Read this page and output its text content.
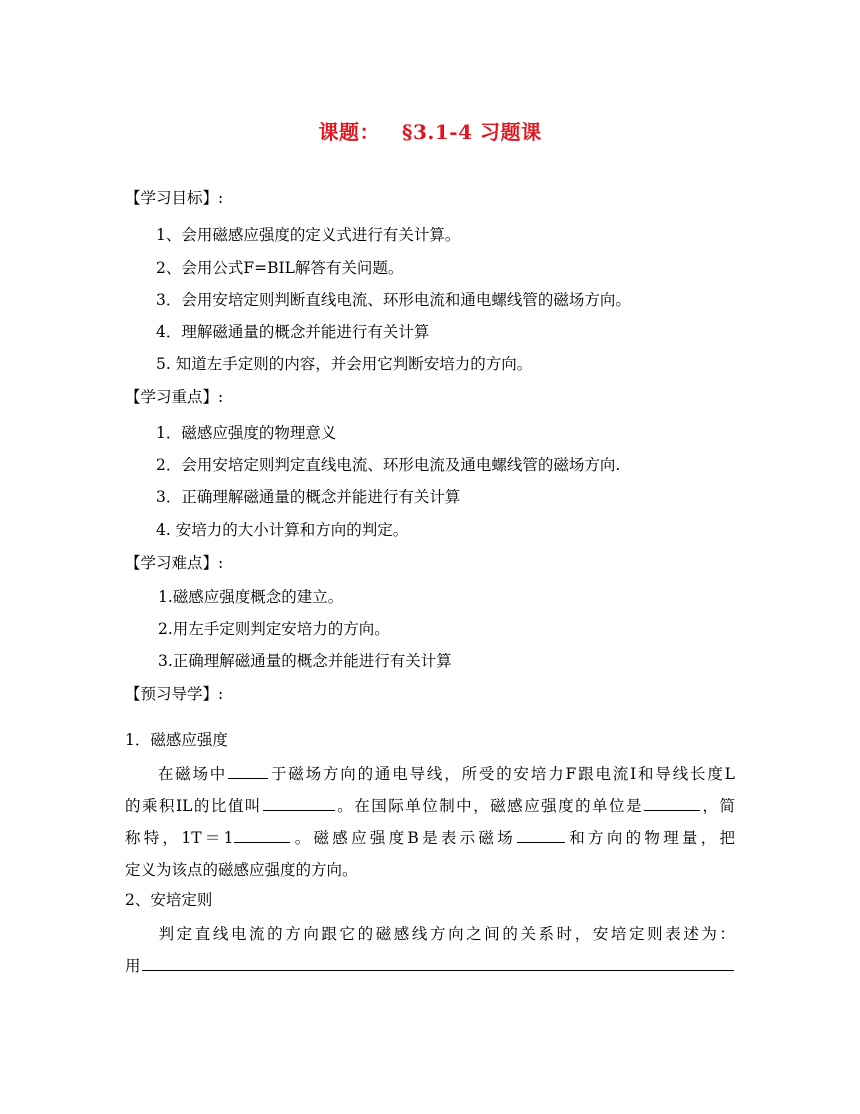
课题： §3.1-4 习题课
【学习目标】:
1、会用磁感应强度的定义式进行有关计算。
2、会用公式F=BIL解答有关问题。
3．会用安培定则判断直线电流、环形电流和通电螺线管的磁场方向。
4．理解磁通量的概念并能进行有关计算
5. 知道左手定则的内容，并会用它判断安培力的方向。
【学习重点】:
1．磁感应强度的物理意义
2．会用安培定则判定直线电流、环形电流及通电螺线管的磁场方向.
3．正确理解磁通量的概念并能进行有关计算
4. 安培力的大小计算和方向的判定。
【学习难点】:
1.磁感应强度概念的建立。
2.用左手定则判定安培力的方向。
3.正确理解磁通量的概念并能进行有关计算
【预习导学】:
1．磁感应强度
在磁场中	于磁场方向的通电导线，所受的安培力F跟电流I和导线长度L
的乘积IL的比值叫	。在国际单位制中，磁感应强度的单位是	，简
称特，1T＝1	。磁感应强度B是表示磁场	和方向的物理量，把
定义为该点的磁感应强度的方向。
2、安培定则
判定直线电流的方向跟它的磁感线方向之间的关系时，安培定则表述为：
用
